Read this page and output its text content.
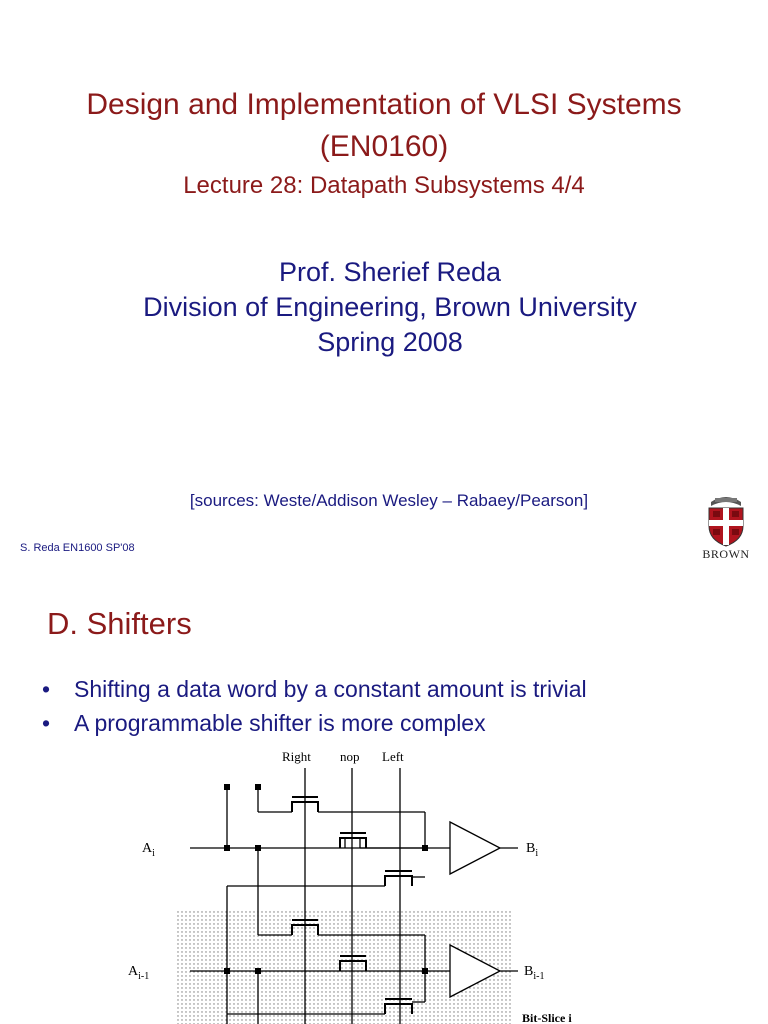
Design and Implementation of VLSI Systems
(EN0160)
Lecture 28: Datapath Subsystems 4/4
Prof. Sherief Reda
Division of Engineering, Brown University
Spring 2008
[sources: Weste/Addison Wesley – Rabaey/Pearson]
S. Reda EN1600 SP'08	BROWN
D. Shifters
• Shifting a data word by a constant amount is trivial
• A programmable shifter is more complex
Right nop Left
$A_i$
$A_{i-1}$
$B_i$
$B_{i-1}$
Bit-Slice i
